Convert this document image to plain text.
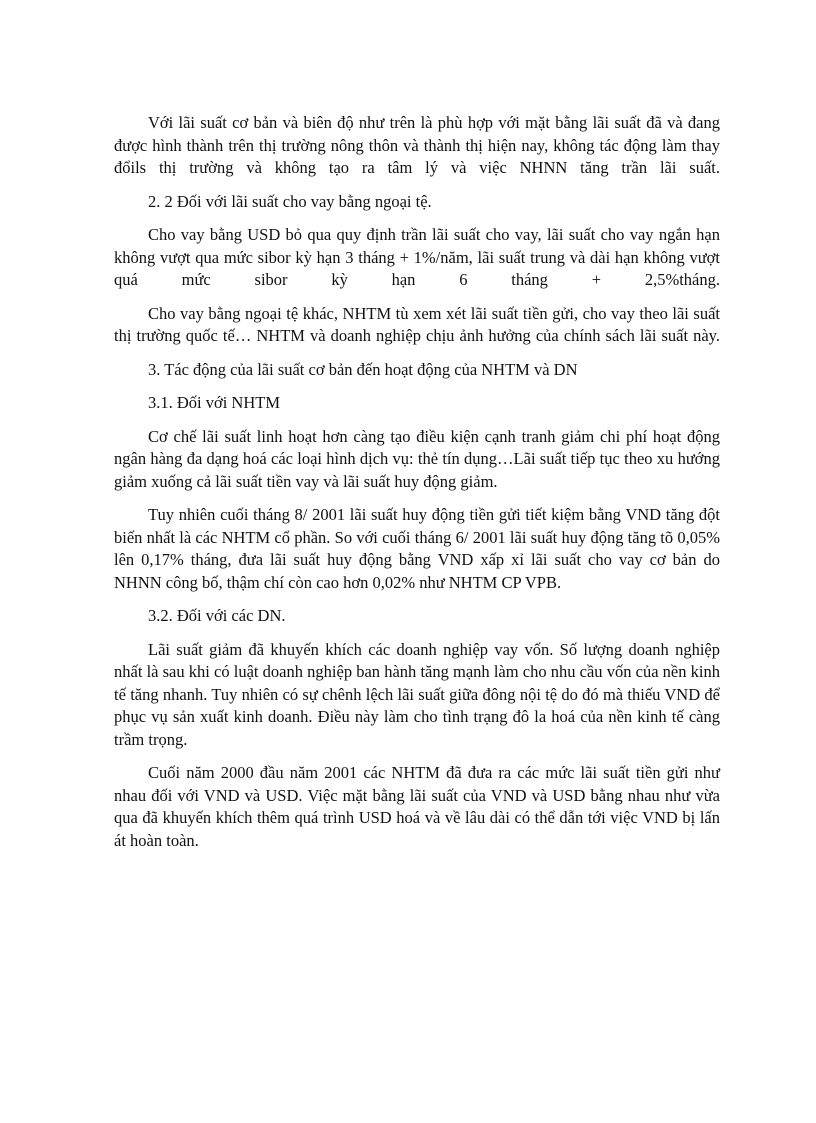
Với lãi suất cơ bản và biên độ như trên là phù hợp với mặt bằng lãi suất đã và đang được hình thành trên thị trường nông thôn và thành thị hiện nay, không tác động làm thay đổils thị trường và không tạo ra tâm lý và việc NHNN tăng trần lãi suất.

2. 2 Đối với lãi suất cho vay bằng ngoại tệ.

Cho vay bằng USD bỏ qua quy định trần lãi suất cho vay, lãi suất cho vay ngắn hạn không vượt qua mức sibor kỳ hạn 3 tháng + 1%/năm, lãi suất trung và dài hạn không vượt quá mức sibor kỳ hạn 6 tháng + 2,5%tháng.

Cho vay bằng ngoại tệ khác, NHTM tù xem xét lãi suất tiền gửi, cho vay theo lãi suất thị trường quốc tế… NHTM và doanh nghiệp chịu ảnh hưởng của chính sách lãi suất này.

3. Tác động của lãi suất cơ bản đến hoạt động của NHTM và DN

3.1. Đối với NHTM

Cơ chế lãi suất linh hoạt hơn càng tạo điều kiện cạnh tranh giảm chi phí hoạt động ngân hàng đa dạng hoá các loại hình dịch vụ: thẻ tín dụng…Lãi suất tiếp tục theo xu hướng giảm xuống cả lãi suất tiền vay và lãi suất huy động giảm.

Tuy nhiên cuối tháng 8/ 2001 lãi suất huy động tiền gửi tiết kiệm bằng VND tăng đột biến nhất là các NHTM cổ phần. So với cuối tháng 6/ 2001 lãi suất huy động tăng tõ 0,05% lên 0,17% tháng, đưa lãi suất huy động bằng VND xấp xỉ lãi suất cho vay cơ bản do NHNN công bố, thậm chí còn cao hơn 0,02% như NHTM CP VPB.

3.2. Đối với các DN.

Lãi suất giảm đã khuyến khích các doanh nghiệp vay vốn. Số lượng doanh nghiệp nhất là sau khi có luật doanh nghiệp ban hành tăng mạnh làm cho nhu cầu vốn của nền kinh tế tăng nhanh. Tuy nhiên có sự chênh lệch lãi suất giữa đông nội tệ do đó mà thiếu VND để phục vụ sản xuất kinh doanh. Điều này làm cho tình trạng đô la hoá của nền kinh tế càng trầm trọng.

Cuối năm 2000 đầu năm 2001 các NHTM đã đưa ra các mức lãi suất tiền gửi như nhau đối với VND và USD. Việc mặt bằng lãi suất của VND và USD bằng nhau như vừa qua đã khuyến khích thêm quá trình USD hoá và về lâu dài có thể dẫn tới việc VND bị lấn át hoàn toàn.
